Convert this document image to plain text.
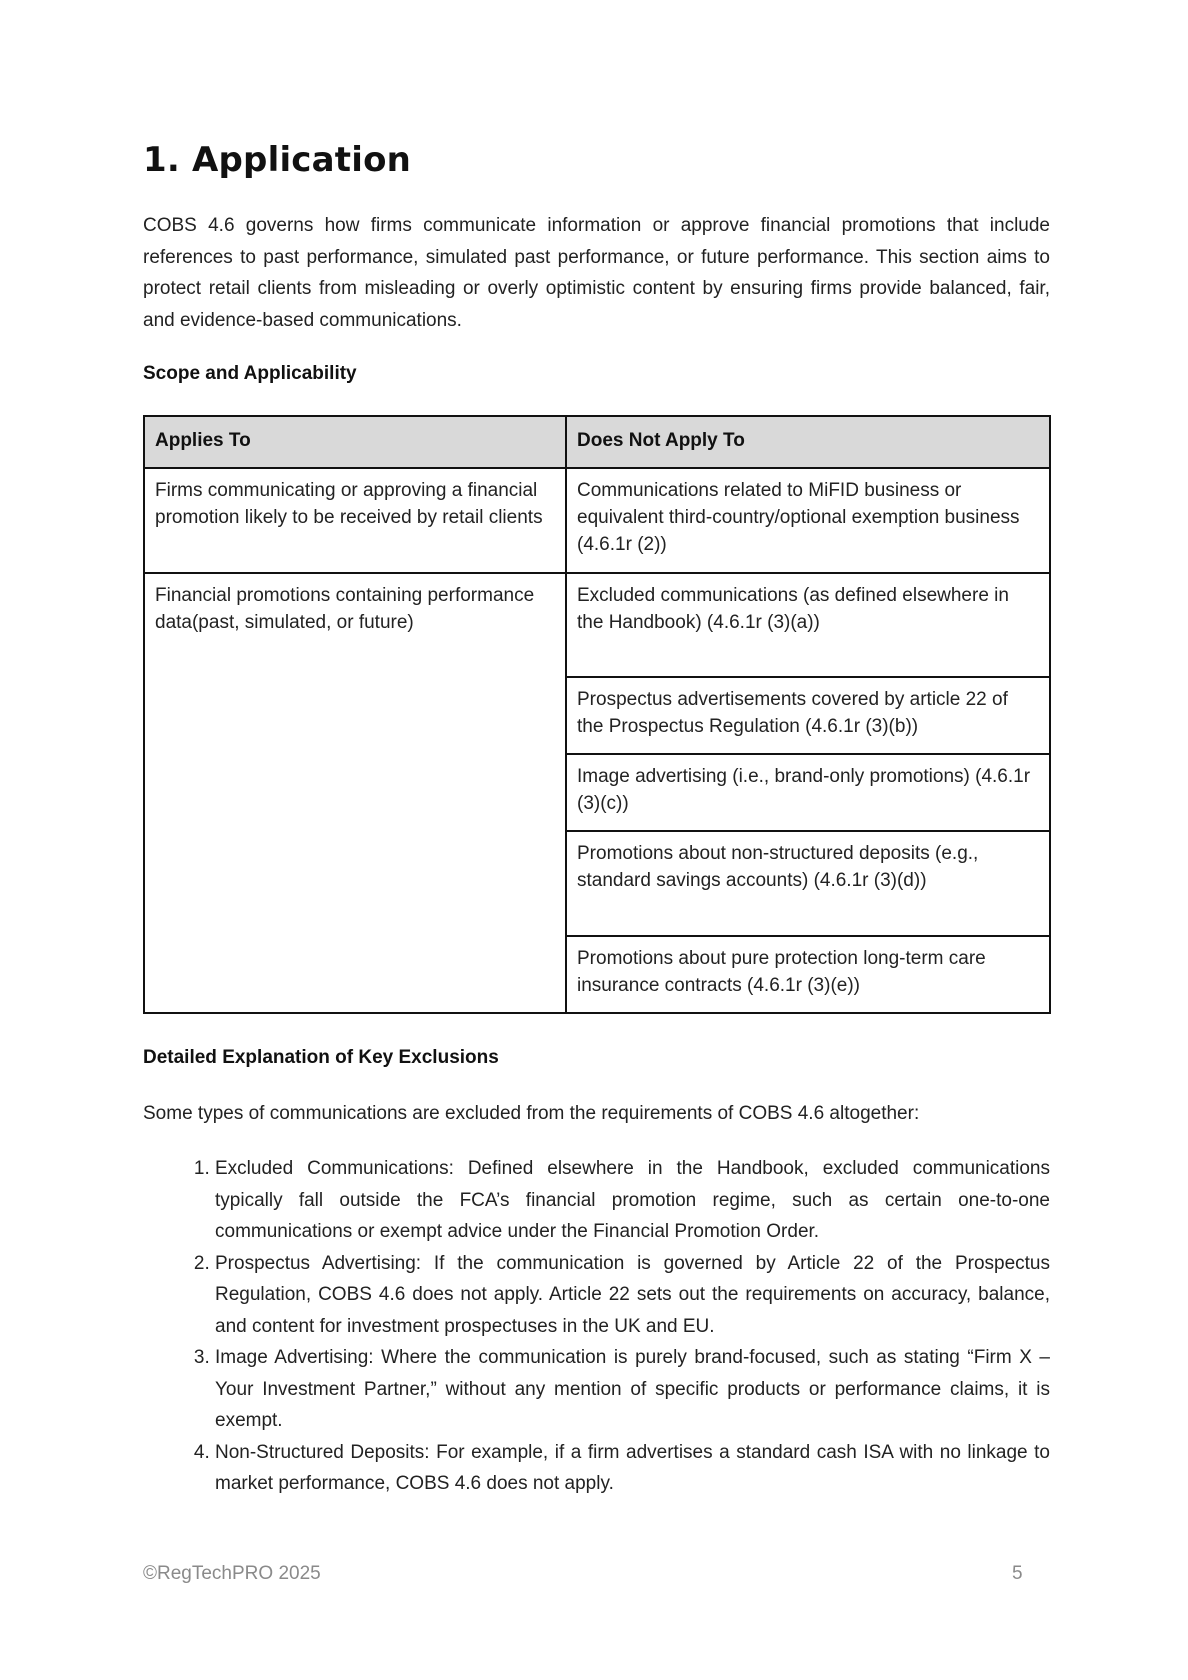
1. Application

COBS 4.6 governs how firms communicate information or approve financial promotions that include references to past performance, simulated past performance, or future performance. This section aims to protect retail clients from misleading or overly optimistic content by ensuring firms provide balanced, fair, and evidence-based communications.

Scope and Applicability

Applies To	Does Not Apply To
Firms communicating or approving a financial promotion likely to be received by retail clients	Communications related to MiFID business or equivalent third-country/optional exemption business (4.6.1r (2))
Financial promotions containing performance data(past, simulated, or future)	Excluded communications (as defined elsewhere in the Handbook) (4.6.1r (3)(a))
	Prospectus advertisements covered by article 22 of the Prospectus Regulation (4.6.1r (3)(b))
	Image advertising (i.e., brand-only promotions) (4.6.1r (3)(c))
	Promotions about non-structured deposits (e.g., standard savings accounts) (4.6.1r (3)(d))
	Promotions about pure protection long-term care insurance contracts (4.6.1r (3)(e))

Detailed Explanation of Key Exclusions

Some types of communications are excluded from the requirements of COBS 4.6 altogether:

1. Excluded Communications: Defined elsewhere in the Handbook, excluded communications typically fall outside the FCA’s financial promotion regime, such as certain one-to-one communications or exempt advice under the Financial Promotion Order.
2. Prospectus Advertising: If the communication is governed by Article 22 of the Prospectus Regulation, COBS 4.6 does not apply. Article 22 sets out the requirements on accuracy, balance, and content for investment prospectuses in the UK and EU.
3. Image Advertising: Where the communication is purely brand-focused, such as stating “Firm X – Your Investment Partner,” without any mention of specific products or performance claims, it is exempt.
4. Non-Structured Deposits: For example, if a firm advertises a standard cash ISA with no linkage to market performance, COBS 4.6 does not apply.
©RegTechPRO 2025	5
